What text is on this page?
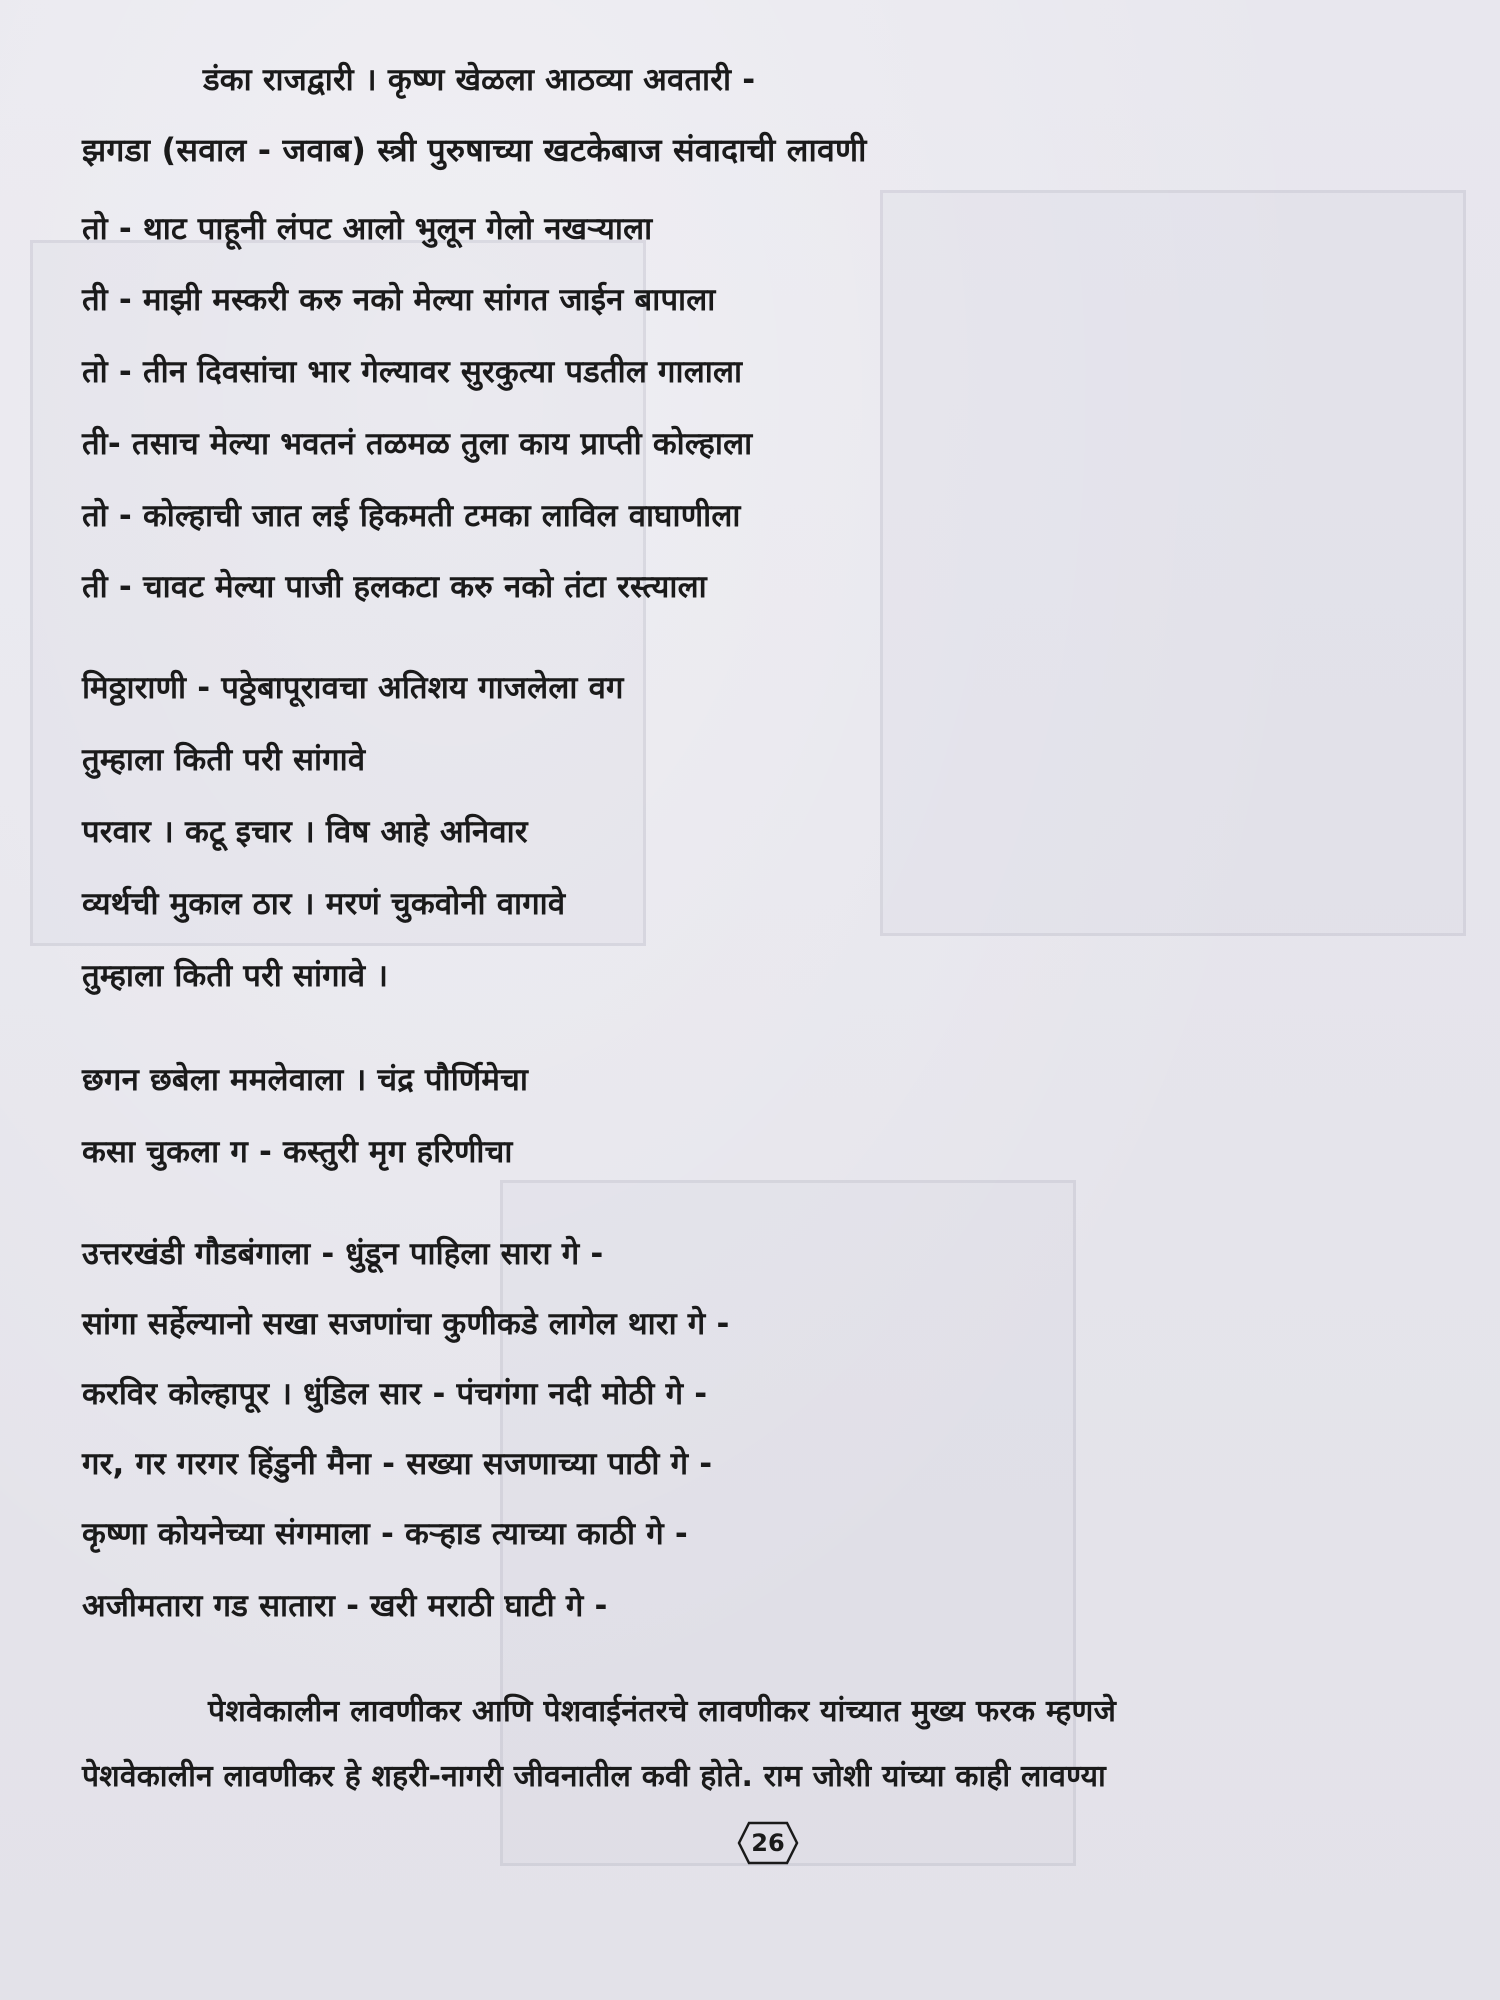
डंका राजद्वारी । कृष्ण खेळला आठव्या अवतारी -
झगडा (सवाल - जवाब) स्त्री पुरुषाच्या खटकेबाज संवादाची लावणी
तो - थाट पाहूनी लंपट आलो भुलून गेलो नखऱ्याला
ती - माझी मस्करी करु नको मेल्या सांगत जाईन बापाला
तो - तीन दिवसांचा भार गेल्यावर सुरकुत्या पडतील गालाला
ती- तसाच मेल्या भवतनं तळमळ तुला काय प्राप्ती कोल्हाला
तो - कोल्हाची जात लई हिकमती टमका लाविल वाघाणीला
ती - चावट मेल्या पाजी हलकटा करु नको तंटा रस्त्याला
मिठ्ठाराणी - पठ्ठेबापूरावचा अतिशय गाजलेला वग
तुम्हाला किती परी सांगावे
परवार । कटू इचार । विष आहे अनिवार
व्यर्थची मुकाल ठार । मरणं चुकवोनी वागावे
तुम्हाला किती परी सांगावे ।
छगन छबेला ममलेवाला । चंद्र पौर्णिमेचा
कसा चुकला ग - कस्तुरी मृग हरिणीचा
उत्तरखंडी गौडबंगाला - धुंडून पाहिला सारा गे -
सांगा सर्हेल्यानो सखा सजणांचा कुणीकडे लागेल थारा गे -
करविर कोल्हापूर । धुंडिल सार - पंचगंगा नदी मोठी गे -
गर, गर गरगर हिंडुनी मैना - सख्या सजणाच्या पाठी गे -
कृष्णा कोयनेच्या संगमाला - कऱ्हाड त्याच्या काठी गे -
अजीमतारा गड सातारा - खरी मराठी घाटी गे -
पेशवेकालीन लावणीकर आणि पेशवाईनंतरचे लावणीकर यांच्यात मुख्य फरक म्हणजे
पेशवेकालीन लावणीकर हे शहरी-नागरी जीवनातील कवी होते. राम जोशी यांच्या काही लावण्या
26
